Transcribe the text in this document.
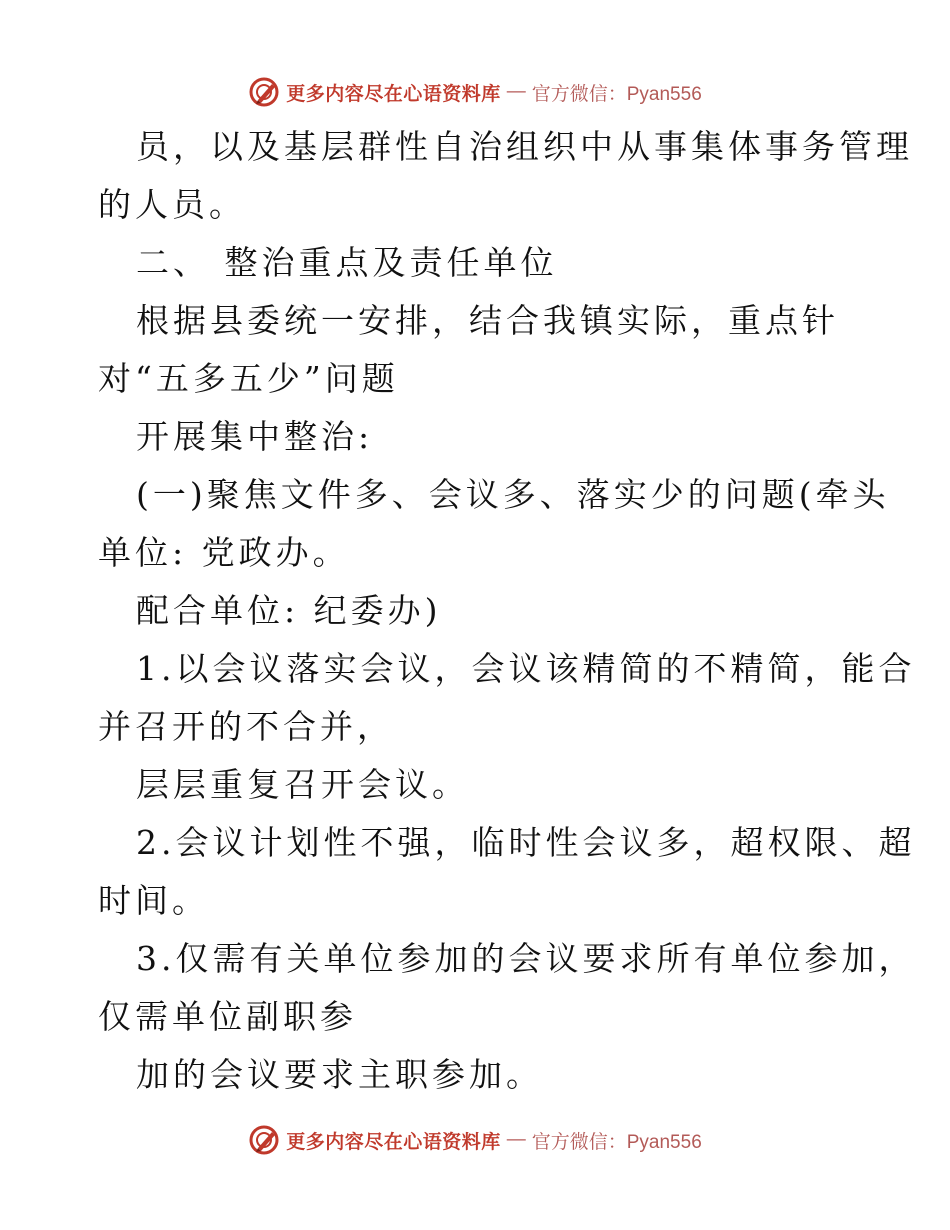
更多内容尽在心语资料库 — 官方微信：Pyan556
员，以及基层群性自治组织中从事集体事务管理
的人员。
二、 整治重点及责任单位
根据县委统一安排，结合我镇实际，重点针
对“五多五少”问题
开展集中整治:
(一)聚焦文件多、会议多、落实少的问题(牵头
单位: 党政办。
配合单位: 纪委办)
1.以会议落实会议，会议该精简的不精简，能合
并召开的不合并，
层层重复召开会议。
2.会议计划性不强，临时性会议多，超权限、超
时间。
3.仅需有关单位参加的会议要求所有单位参加，
仅需单位副职参
加的会议要求主职参加。
更多内容尽在心语资料库 — 官方微信：Pyan556
